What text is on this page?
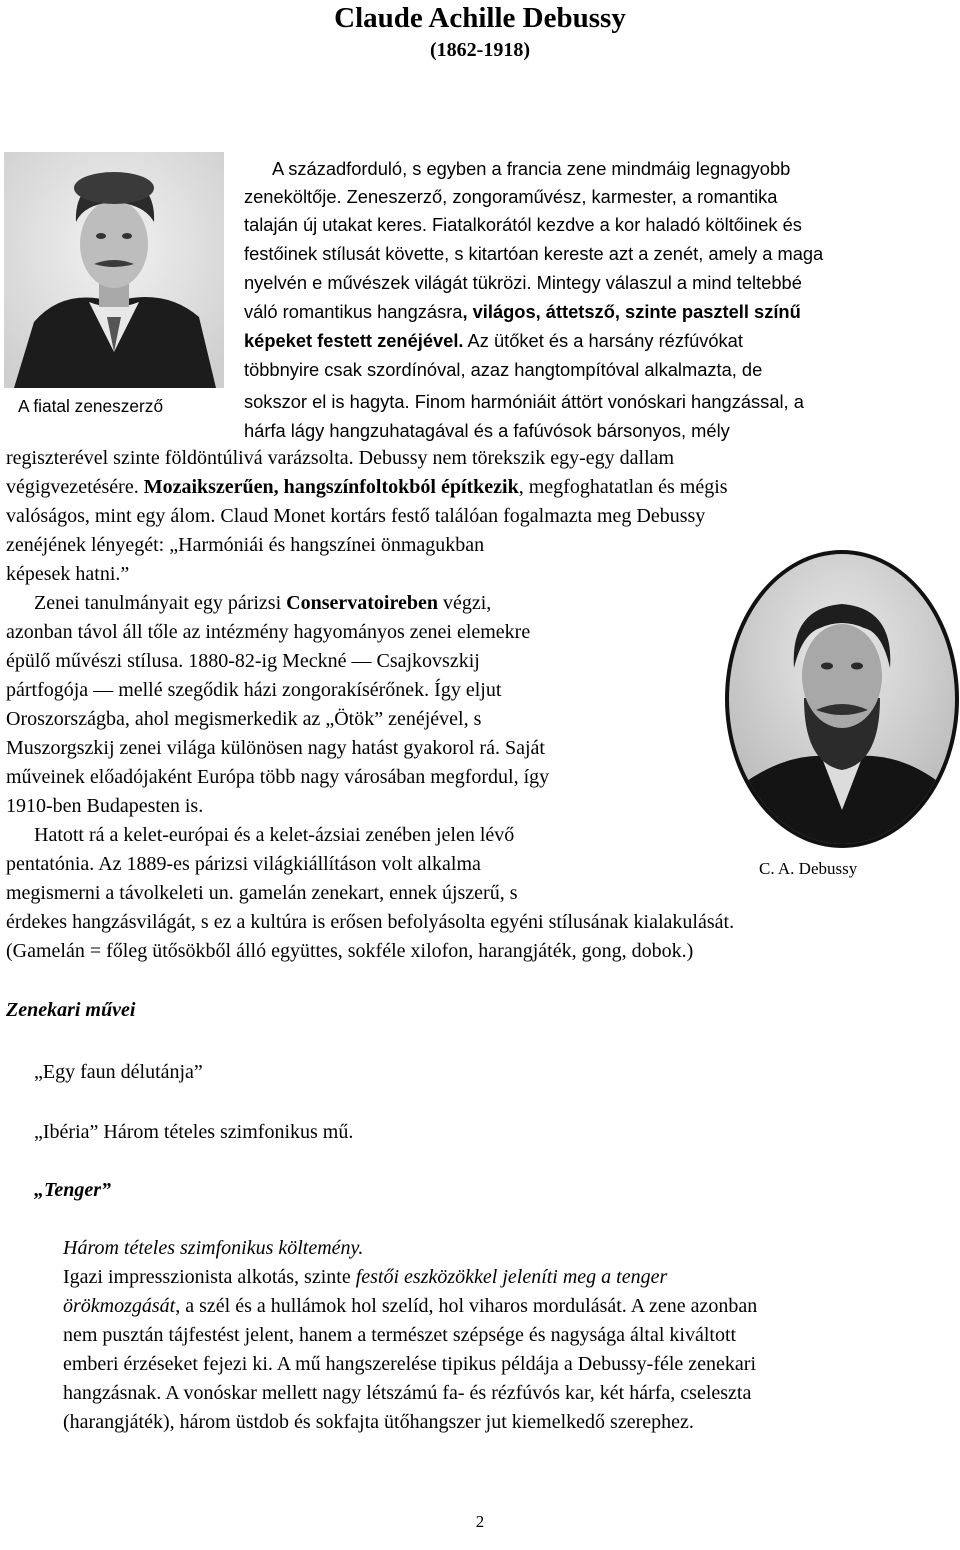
Claude Achille Debussy
(1862-1918)
A fiatal zeneszerző
A századforduló, s egyben a francia zene mindmáig legnagyobb
zeneköltője. Zeneszerző, zongoraművész, karmester, a romantika
talaján új utakat keres. Fiatalkorától kezdve a kor haladó költőinek és
festőinek stílusát követte, s kitartóan kereste azt a zenét, amely a maga
nyelvén e művészek világát tükrözi. Mintegy válaszul a mind teltebbé
váló romantikus hangzásra, világos, áttetsző, szinte pasztell színű
képeket festett zenéjével. Az ütőket és a harsány rézfúvókat
többnyire csak szordínóval, azaz hangtompítóval alkalmazta, de
sokszor el is hagyta. Finom harmóniáit áttört vonóskari hangzással, a
hárfa lágy hangzuhatagával és a fafúvósok bársonyos, mély
C. A. Debussy
regiszterével szinte földöntúlivá varázsolta. Debussy nem törekszik egy-egy dallam
végigvezetésére. Mozaikszerűen, hangszínfoltokból építkezik, megfoghatatlan és mégis
valóságos, mint egy álom. Claud Monet kortárs festő találóan fogalmazta meg Debussy
zenéjének lényegét: „Harmóniái és hangszínei önmagukban
képesek hatni.”
Zenei tanulmányait egy párizsi Conservatoireben végzi,
azonban távol áll tőle az intézmény hagyományos zenei elemekre
épülő művészi stílusa. 1880-82-ig Meckné — Csajkovszkij
pártfogója — mellé szegődik házi zongorakísérőnek. Így eljut
Oroszországba, ahol megismerkedik az „Ötök” zenéjével, s
Muszorgszkij zenei világa különösen nagy hatást gyakorol rá. Saját
műveinek előadójaként Európa több nagy városában megfordul, így
1910-ben Budapesten is.
Hatott rá a kelet-európai és a kelet-ázsiai zenében jelen lévő
pentatónia. Az 1889-es párizsi világkiállításon volt alkalma
megismerni a távolkeleti un. gamelán zenekart, ennek újszerű, s
érdekes hangzásvilágát, s ez a kultúra is erősen befolyásolta egyéni stílusának kialakulását.
(Gamelán = főleg ütősökből álló együttes, sokféle xilofon, harangjáték, gong, dobok.)
Zenekari művei
„Egy faun délutánja”
„Ibéria” Három tételes szimfonikus mű.
„Tenger”
Három tételes szimfonikus költemény.
Igazi impresszionista alkotás, szinte festői eszközökkel jeleníti meg a tenger
örökmozgását, a szél és a hullámok hol szelíd, hol viharos mordulását. A zene azonban
nem pusztán tájfestést jelent, hanem a természet szépsége és nagysága által kiváltott
emberi érzéseket fejezi ki. A mű hangszerelése tipikus példája a Debussy-féle zenekari
hangzásnak. A vonóskar mellett nagy létszámú fa- és rézfúvós kar, két hárfa, cseleszta
(harangjáték), három üstdob és sokfajta ütőhangszer jut kiemelkedő szerephez.
2
